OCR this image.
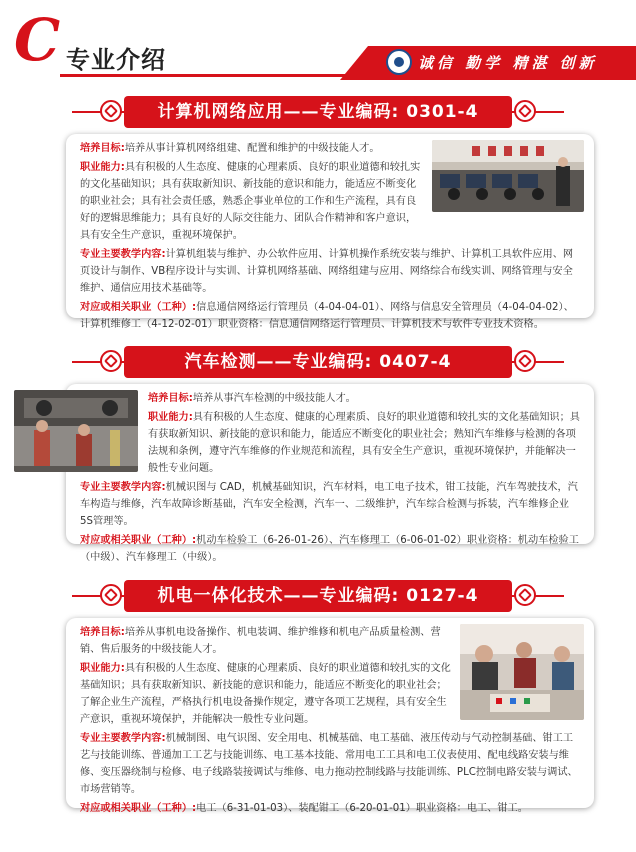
C 专业介绍	诚信 勤学 精湛 创新
计算机网络应用——专业编码: 0301-4

培养目标:培养从事计算机网络组建、配置和维护的中级技能人才。

职业能力:具有积极的人生态度、健康的心理素质、良好的职业道德和较扎实的文化基础知识；具有获取新知识、新技能的意识和能力，能适应不断变化的职业社会；具有社会责任感，熟悉企事业单位的工作和生产流程，具有良好的逻辑思维能力；具有良好的人际交往能力、团队合作精神和客户意识，具有安全生产意识，重视环境保护。

专业主要教学内容:计算机组装与维护、办公软件应用、计算机操作系统安装与维护、计算机工具软件应用、网页设计与制作、VB程序设计与实训、计算机网络基础、网络组建与应用、网络综合布线实训、网络管理与安全维护、通信应用技术基础等。

对应或相关职业（工种）:信息通信网络运行管理员（4-04-04-01）、网络与信息安全管理员（4-04-04-02）、计算机维修工（4-12-02-01）职业资格：信息通信网络运行管理员、计算机技术与软件专业技术资格。

汽车检测——专业编码: 0407-4

培养目标:培养从事汽车检测的中级技能人才。

职业能力:具有积极的人生态度、健康的心理素质、良好的职业道德和较扎实的文化基础知识；具有获取新知识、新技能的意识和能力，能适应不断变化的职业社会；熟知汽车维修与检测的各项法规和条例，遵守汽车维修的作业规范和流程，具有安全生产意识，重视环境保护，并能解决一般性专业问题。

专业主要教学内容:机械识图与 CAD，机械基础知识，汽车材料，电工电子技术，钳工技能，汽车驾驶技术，汽车构造与维修，汽车故障诊断基础，汽车安全检测，汽车一、二级维护，汽车综合检测与拆装，汽车维修企业5S管理等。

对应或相关职业（工种）:机动车检验工（6-26-01-26）、汽车修理工（6-06-01-02）职业资格：机动车检验工（中级）、汽车修理工（中级）。

机电一体化技术——专业编码: 0127-4

培养目标:培养从事机电设备操作、机电装调、维护维修和机电产品质量检测、营销、售后服务的中级技能人才。

职业能力:具有积极的人生态度、健康的心理素质、良好的职业道德和较扎实的文化基础知识；具有获取新知识、新技能的意识和能力，能适应不断变化的职业社会；了解企业生产流程，严格执行机电设备操作规定，遵守各项工艺规程，具有安全生产意识，重视环境保护，并能解决一般性专业问题。

专业主要教学内容:机械制图、电气识图、安全用电、机械基础、电工基础、液压传动与气动控制基础、钳工工艺与技能训练、普通加工工艺与技能训练、电工基本技能、常用电工工具和电工仪表使用、配电线路安装与维修、变压器绕制与检修、电子线路装接调试与维修、电力拖动控制线路与技能训练、PLC控制电路安装与调试、市场营销等。

对应或相关职业（工种）:电工（6-31-01-03）、装配钳工（6-20-01-01）职业资格：电工、钳工。
